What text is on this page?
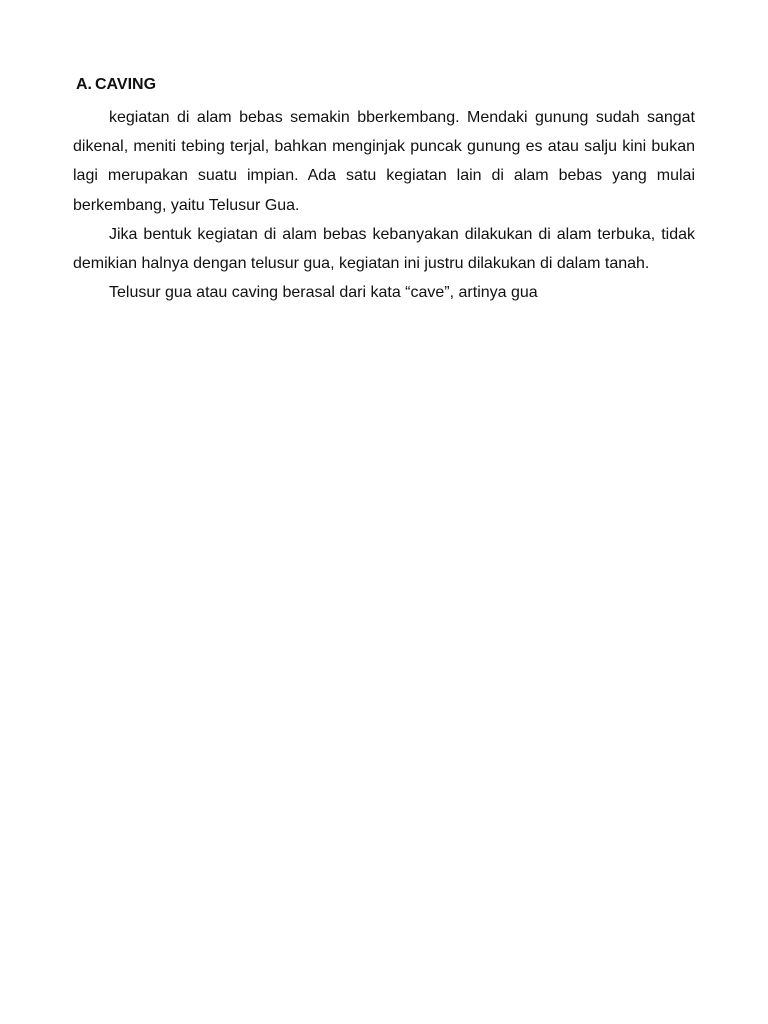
A. CAVING

kegiatan di alam bebas semakin bberkembang. Mendaki gunung sudah sangat dikenal, meniti tebing terjal, bahkan menginjak puncak gunung es atau salju kini bukan lagi merupakan suatu impian. Ada satu kegiatan lain di alam bebas yang mulai berkembang, yaitu Telusur Gua.

Jika bentuk kegiatan di alam bebas kebanyakan dilakukan di alam terbuka, tidak demikian halnya dengan telusur gua, kegiatan ini justru dilakukan di dalam tanah.

Telusur gua atau caving berasal dari kata “cave”, artinya gua
